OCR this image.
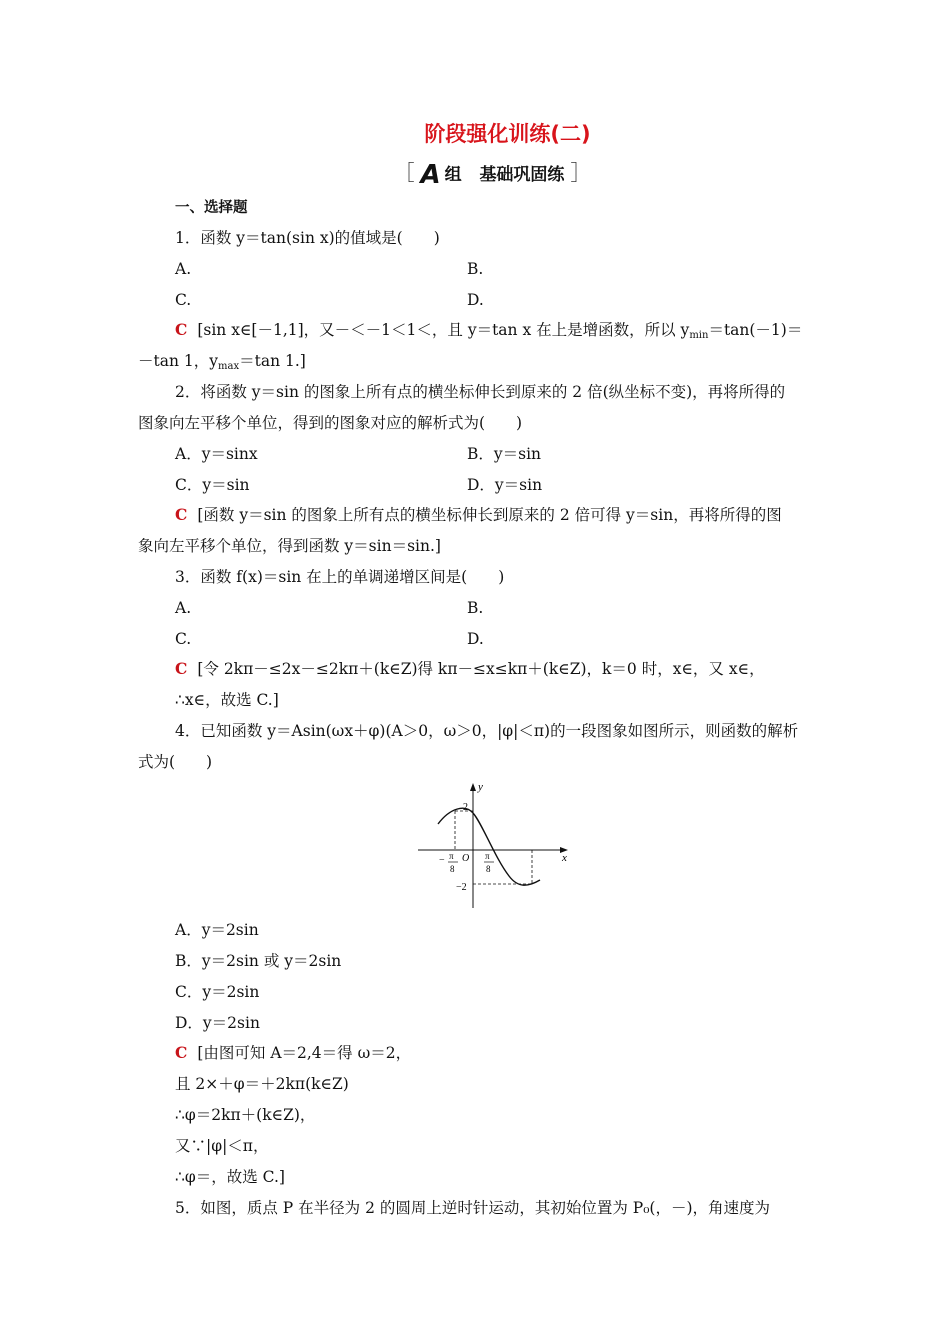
阶段强化训练(二)
［ A 组 基础巩固练 ］
一、选择题
1．函数 y＝tan(sin x)的值域是(　　)
A.	B.
C.	D.
C [sin x∈[－1,1]，又－＜－1＜1＜，且 y＝tan x 在上是增函数，所以 $y_{min}=\tan(-1)=$
－tan 1，$y_{max}=\tan$ 1.]
2．将函数 y＝sin 的图象上所有点的横坐标伸长到原来的 2 倍(纵坐标不变)，再将所得的
图象向左平移个单位，得到的图象对应的解析式为(　　)
A．y＝sinx	B．y＝sin
C．y＝sin	D．y＝sin
C [函数 y＝sin 的图象上所有点的横坐标伸长到原来的 2 倍可得 y＝sin，再将所得的图
象向左平移个单位，得到函数 y＝sin＝sin.]
3．函数 f(x)＝sin 在上的单调递增区间是(　　)
A.	B.
C.	D.
C [令 2kπ－≤2x－≤2kπ＋(k∈Z)得 kπ－≤x≤kπ＋(k∈Z)，k＝0 时，x∈，又 x∈，
∴x∈，故选 C.]
4．已知函数 y＝Asin(ωx＋φ)(A＞0，ω＞0，|φ|＜π)的一段图象如图所示，则函数的解析
式为(　　)
y
x
O
2
−2
− π
8
π
8
A．y＝2sin
B．y＝2sin 或 y＝2sin
C．y＝2sin
D．y＝2sin
C [由图可知 A＝2,4＝得 ω＝2，
且 2×＋φ＝＋2kπ(k∈Z)
∴φ＝2kπ＋(k∈Z)，
又∵|φ|＜π，
∴φ＝，故选 C.]
5．如图，质点 P 在半径为 2 的圆周上逆时针运动，其初始位置为 P₀(，－)，角速度为
